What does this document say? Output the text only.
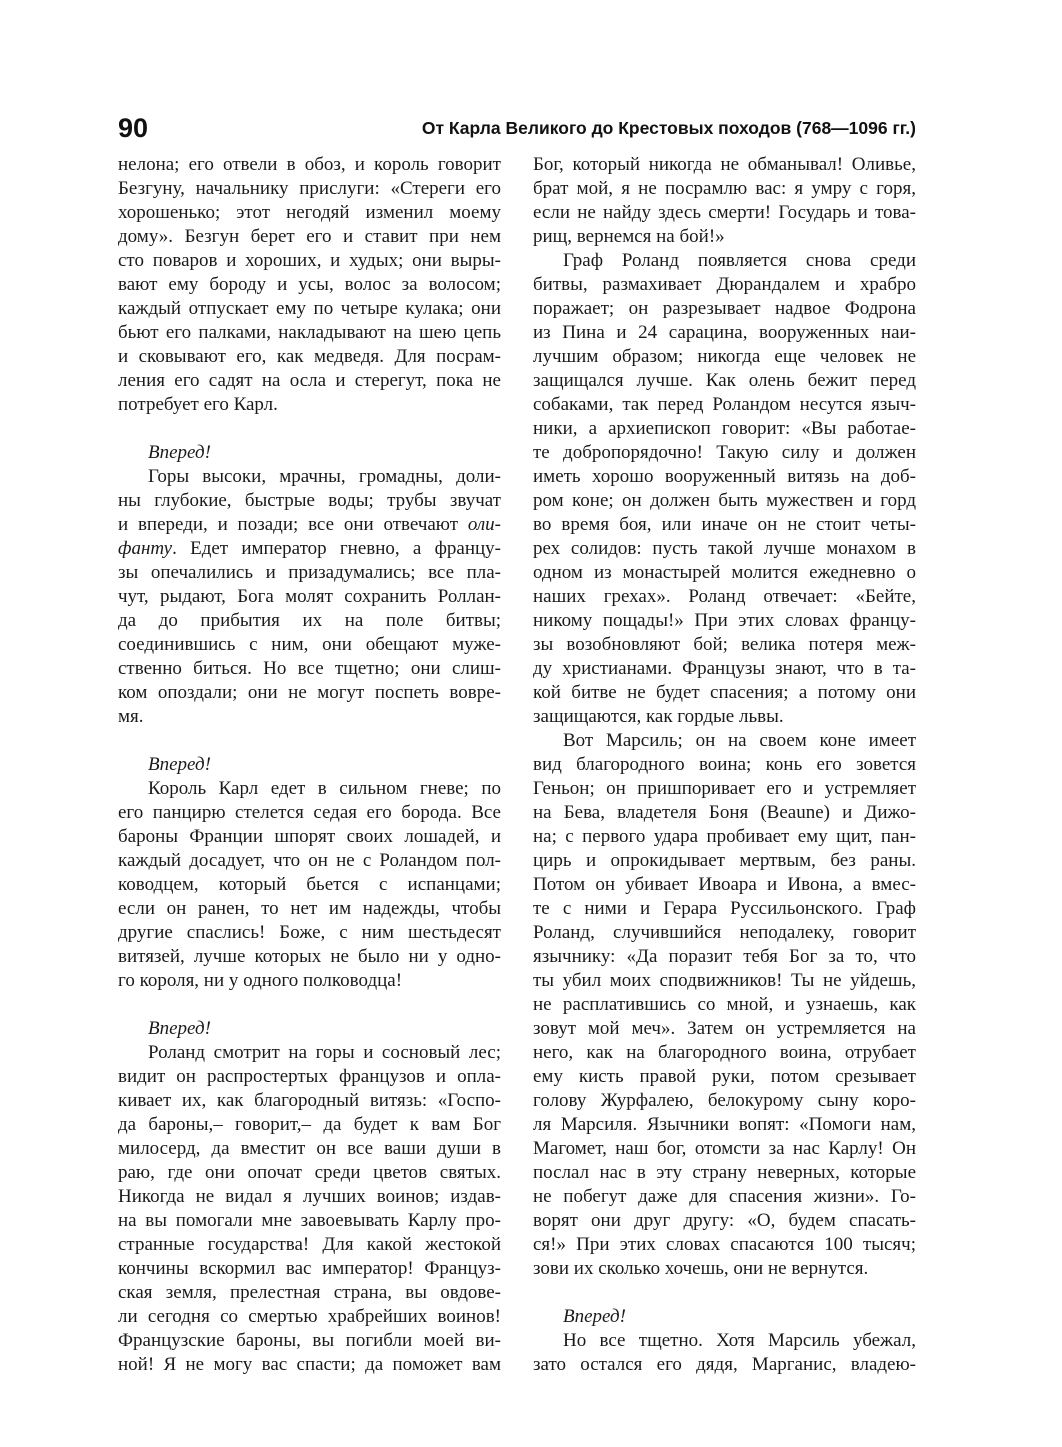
90	От Карла Великого до Крестовых походов (768—1096 гг.)
нелона; его отвели в обоз, и король говорит
Безгуну, начальнику прислуги: «Стереги его
хорошенько; этот негодяй изменил моему
дому». Безгун берет его и ставит при нем
сто поваров и хороших, и худых; они выры-
вают ему бороду и усы, волос за волосом;
каждый отпускает ему по четыре кулака; они
бьют его палками, накладывают на шею цепь
и сковывают его, как медведя. Для посрам-
ления его садят на осла и стерегут, пока не
потребует его Карл.
Вперед!
Горы высоки, мрачны, громадны, доли-
ны глубокие, быстрые воды; трубы звучат
и впереди, и позади; все они отвечают оли-
фанту. Едет император гневно, а францу-
зы опечалились и призадумались; все пла-
чут, рыдают, Бога молят сохранить Роллан-
да до прибытия их на поле битвы;
соединившись с ним, они обещают муже-
ственно биться. Но все тщетно; они слиш-
ком опоздали; они не могут поспеть вовре-
мя.
Вперед!
Король Карл едет в сильном гневе; по
его панцирю стелется седая его борода. Все
бароны Франции шпорят своих лошадей, и
каждый досадует, что он не с Роландом пол-
ководцем, который бьется с испанцами;
если он ранен, то нет им надежды, чтобы
другие спаслись! Боже, с ним шестьдесят
витязей, лучше которых не было ни у одно-
го короля, ни у одного полководца!
Вперед!
Роланд смотрит на горы и сосновый лес;
видит он распростертых французов и опла-
кивает их, как благородный витязь: «Госпо-
да бароны,– говорит,– да будет к вам Бог
милосерд, да вместит он все ваши души в
раю, где они опочат среди цветов святых.
Никогда не видал я лучших воинов; издав-
на вы помогали мне завоевывать Карлу про-
странные государства! Для какой жестокой
кончины вскормил вас император! Француз-
ская земля, прелестная страна, вы овдове-
ли сегодня со смертью храбрейших воинов!
Французские бароны, вы погибли моей ви-
ной! Я не могу вас спасти; да поможет вам
Бог, который никогда не обманывал! Оливье,
брат мой, я не посрамлю вас: я умру с горя,
если не найду здесь смерти! Государь и това-
рищ, вернемся на бой!»
Граф Роланд появляется снова среди
битвы, размахивает Дюрандалем и храбро
поражает; он разрезывает надвое Фодрона
из Пина и 24 сарацина, вооруженных наи-
лучшим образом; никогда еще человек не
защищался лучше. Как олень бежит перед
собаками, так перед Роландом несутся языч-
ники, а архиепископ говорит: «Вы работае-
те добропорядочно! Такую силу и должен
иметь хорошо вооруженный витязь на доб-
ром коне; он должен быть мужествен и горд
во время боя, или иначе он не стоит четы-
рех солидов: пусть такой лучше монахом в
одном из монастырей молится ежедневно о
наших грехах». Роланд отвечает: «Бейте,
никому пощады!» При этих словах францу-
зы возобновляют бой; велика потеря меж-
ду христианами. Французы знают, что в та-
кой битве не будет спасения; а потому они
защищаются, как гордые львы.
Вот Марсиль; он на своем коне имеет
вид благородного воина; конь его зовется
Геньон; он пришпоривает его и устремляет
на Бева, владетеля Боня (Beaune) и Дижо-
на; с первого удара пробивает ему щит, пан-
цирь и опрокидывает мертвым, без раны.
Потом он убивает Ивоара и Ивона, а вмес-
те с ними и Герара Руссильонского. Граф
Роланд, случившийся неподалеку, говорит
язычнику: «Да поразит тебя Бог за то, что
ты убил моих сподвижников! Ты не уйдешь,
не расплатившись со мной, и узнаешь, как
зовут мой меч». Затем он устремляется на
него, как на благородного воина, отрубает
ему кисть правой руки, потом срезывает
голову Журфалею, белокурому сыну коро-
ля Марсиля. Язычники вопят: «Помоги нам,
Магомет, наш бог, отомсти за нас Карлу! Он
послал нас в эту страну неверных, которые
не побегут даже для спасения жизни». Го-
ворят они друг другу: «О, будем спасать-
ся!» При этих словах спасаются 100 тысяч;
зови их сколько хочешь, они не вернутся.
Вперед!
Но все тщетно. Хотя Марсиль убежал,
зато остался его дядя, Марганис, владею-
